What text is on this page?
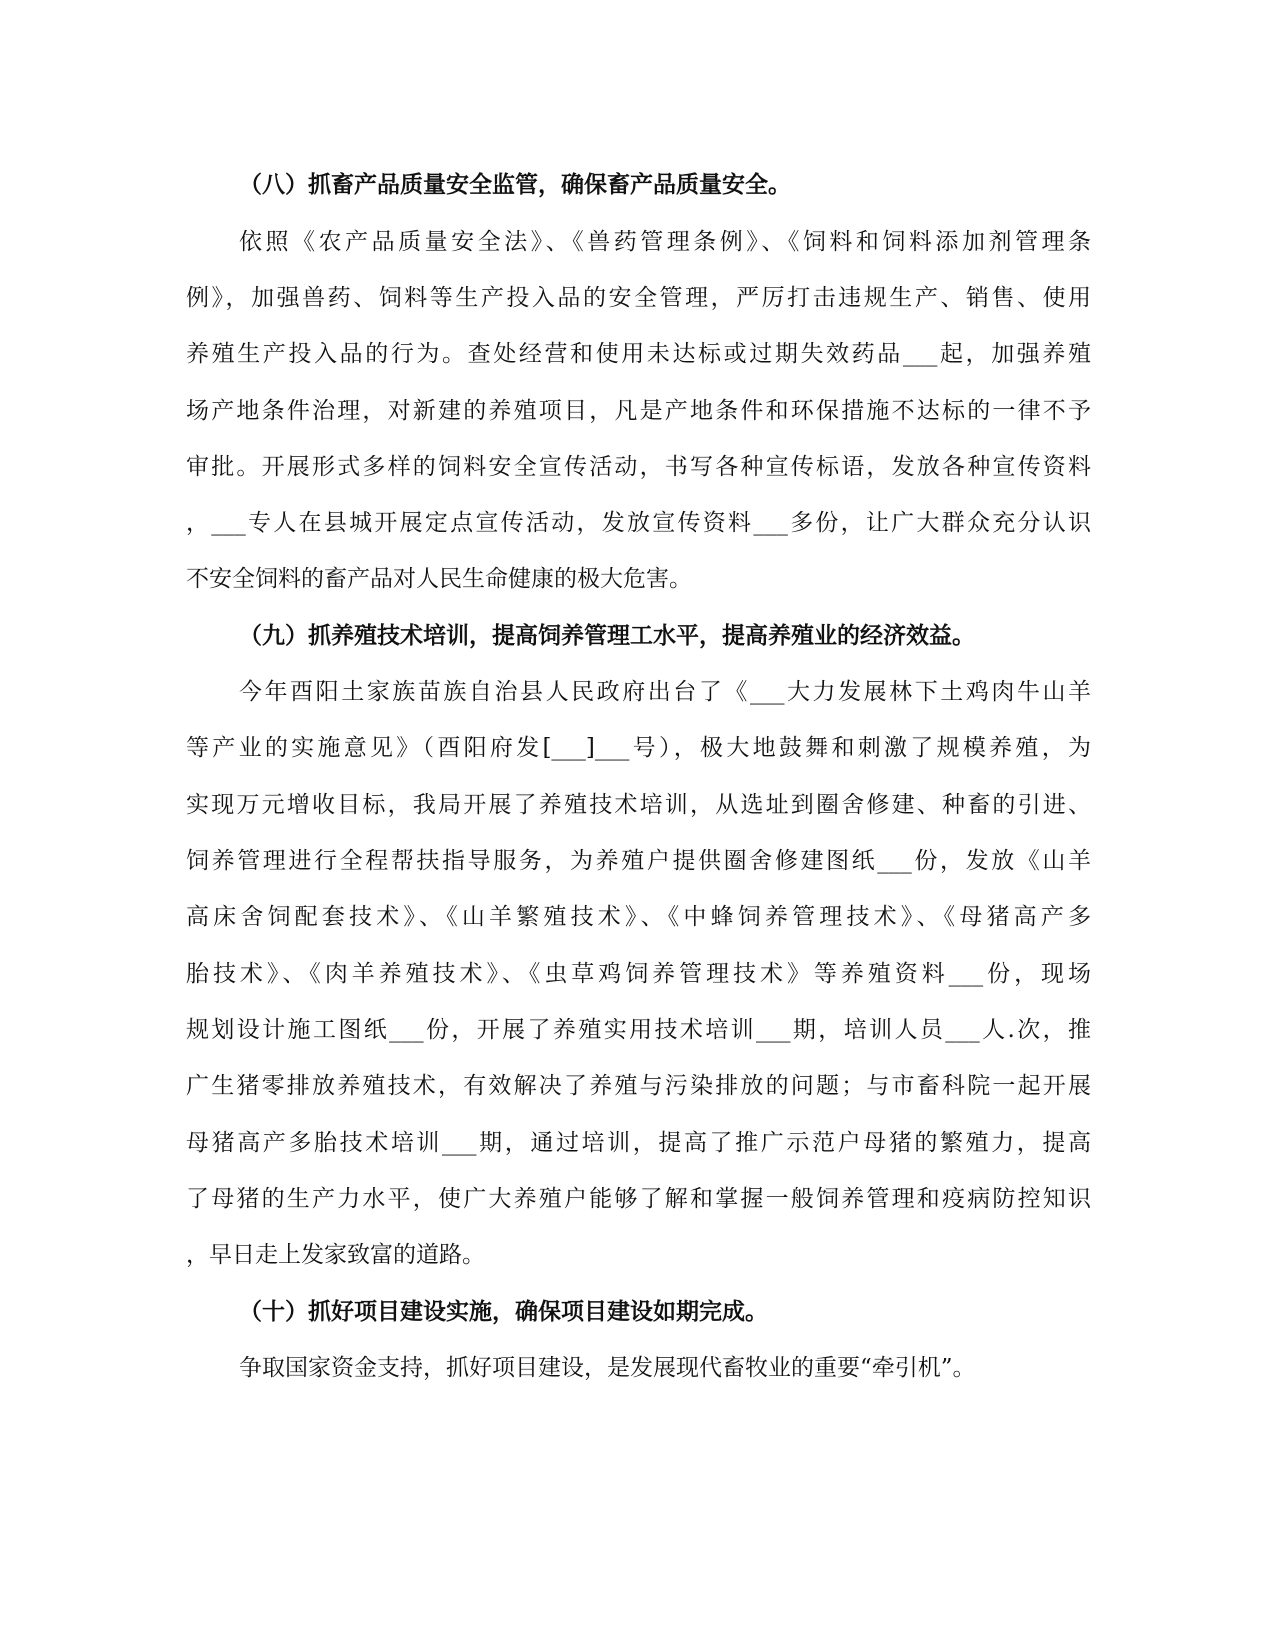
（八）抓畜产品质量安全监管，确保畜产品质量安全。
依照《农产品质量安全法》、《兽药管理条例》、《饲料和饲料添加剂管理条
例》，加强兽药、饲料等生产投入品的安全管理，严厉打击违规生产、销售、使用
养殖生产投入品的行为。查处经营和使用未达标或过期失效药品___起，加强养殖
场产地条件治理，对新建的养殖项目，凡是产地条件和环保措施不达标的一律不予
审批。开展形式多样的饲料安全宣传活动，书写各种宣传标语，发放各种宣传资料
，___专人在县城开展定点宣传活动，发放宣传资料___多份，让广大群众充分认识
不安全饲料的畜产品对人民生命健康的极大危害。
（九）抓养殖技术培训，提高饲养管理工水平，提高养殖业的经济效益。
今年酉阳土家族苗族自治县人民政府出台了《___大力发展林下土鸡肉牛山羊
等产业的实施意见》（酉阳府发[___]___号），极大地鼓舞和刺激了规模养殖，为
实现万元增收目标，我局开展了养殖技术培训，从选址到圈舍修建、种畜的引进、
饲养管理进行全程帮扶指导服务，为养殖户提供圈舍修建图纸___份，发放《山羊
高床舍饲配套技术》、《山羊繁殖技术》、《中蜂饲养管理技术》、《母猪高产多
胎技术》、《肉羊养殖技术》、《虫草鸡饲养管理技术》等养殖资料___份，现场
规划设计施工图纸___份，开展了养殖实用技术培训___期，培训人员___人.次，推
广生猪零排放养殖技术，有效解决了养殖与污染排放的问题；与市畜科院一起开展
母猪高产多胎技术培训___期，通过培训，提高了推广示范户母猪的繁殖力，提高
了母猪的生产力水平，使广大养殖户能够了解和掌握一般饲养管理和疫病防控知识
，早日走上发家致富的道路。
（十）抓好项目建设实施，确保项目建设如期完成。
争取国家资金支持，抓好项目建设，是发展现代畜牧业的重要“牵引机”。
